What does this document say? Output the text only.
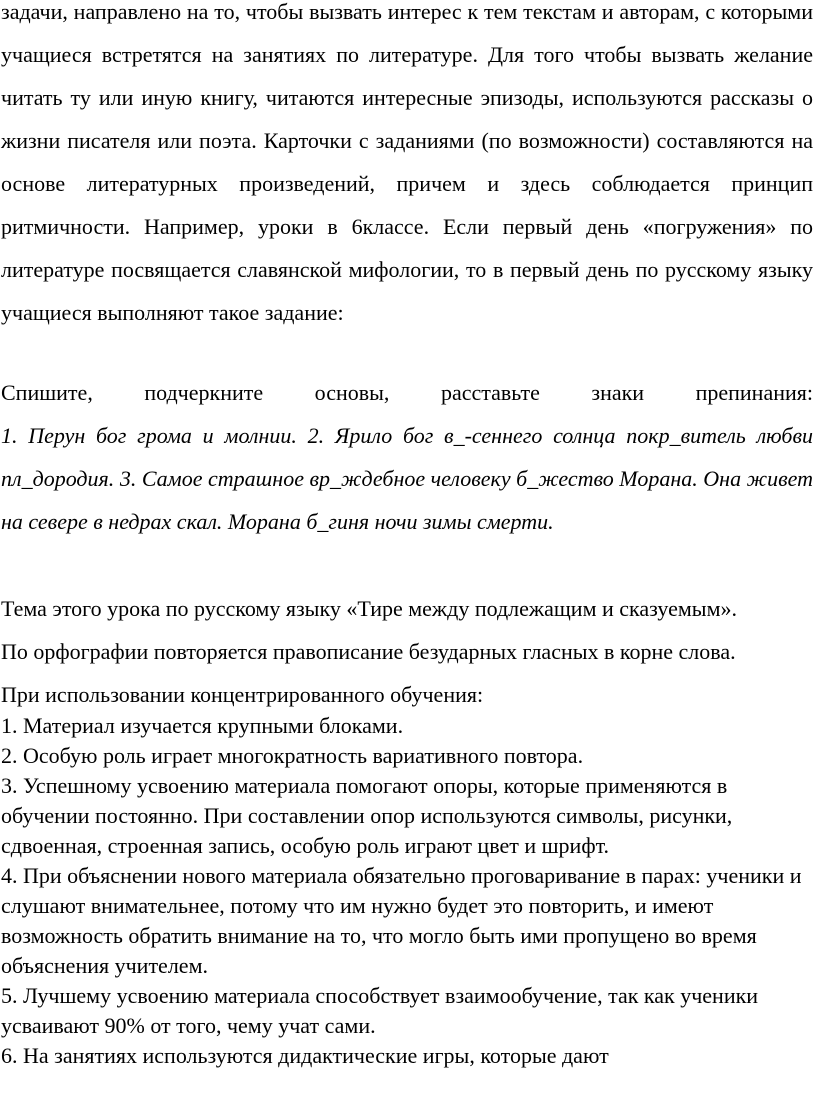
задачи, направлено на то, чтобы вызвать интерес к тем текстам и авторам, с которыми учащиеся встретятся на занятиях по литературе. Для того чтобы вызвать желание читать ту или иную книгу, читаются интересные эпизоды, используются рассказы о жизни писателя или поэта. Карточки с заданиями (по возможности) составляются на основе литературных произведений, причем и здесь соблюдается принцип ритмичности. Например, уроки в 6классе. Если первый день «погружения» по литературе посвящается славянской мифологии, то в первый день по русскому языку учащиеся выполняют такое задание:

Спишите, подчеркните основы, расставьте знаки препинания:

1. Перун бог грома и молнии. 2. Ярило бог в_-сеннего солнца покр_витель любви пл_дородия. 3. Самое страшное вр_ждебное человеку б_жество Морана. Она живет на севере в недрах скал. Морана б_гиня ночи зимы смерти.

Тема этого урока по русскому языку «Тире между подлежащим и сказуемым».

По орфографии повторяется правописание безударных гласных в корне слова.

При использовании концентрированного обучения:

1. Материал изучается крупными блоками.
2. Особую роль играет многократность вариативного повтора.
3. Успешному усвоению материала помогают опоры, которые применяются в обучении постоянно. При составлении опор используются символы, рисунки, сдвоенная, строенная запись, особую роль играют цвет и шрифт.
4. При объяснении нового материала обязательно проговаривание в парах: ученики и слушают внимательнее, потому что им нужно будет это повторить, и имеют возможность обратить внимание на то, что могло быть ими пропущено во время объяснения учителем.
5. Лучшему усвоению материала способствует взаимообучение, так как ученики усваивают 90% от того, чему учат сами.
6. На занятиях используются дидактические игры, которые дают
